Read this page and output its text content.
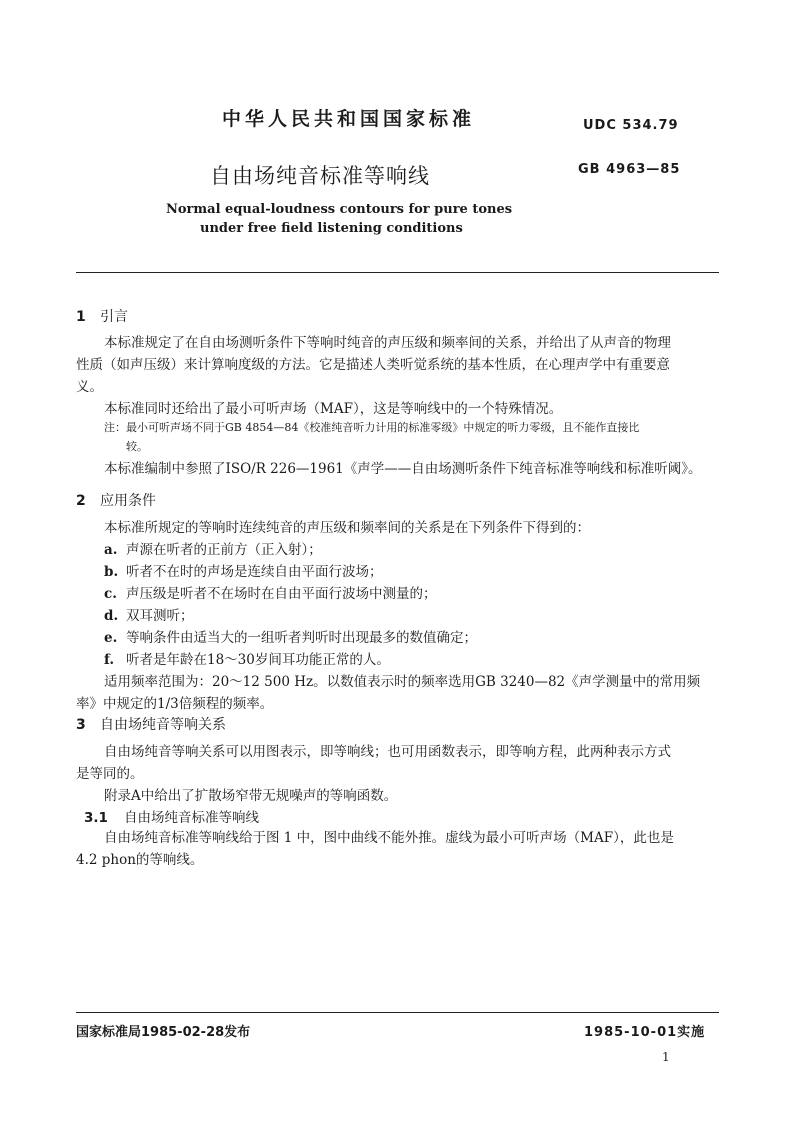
中华人民共和国国家标准	UDC 534.79
自由场纯音标准等响线	GB 4963—85
Normal equal-loudness contours for pure tones
under free field listening conditions
1 引言
本标准规定了在自由场测听条件下等响时纯音的声压级和频率间的关系，并给出了从声音的物理
性质（如声压级）来计算响度级的方法。它是描述人类听觉系统的基本性质，在心理声学中有重要意
义。
本标准同时还给出了最小可听声场（MAF），这是等响线中的一个特殊情况。
注：最小可听声场不同于GB 4854—84《校准纯音听力计用的标准零级》中规定的听力零级，且不能作直接比
较。
本标准编制中参照了ISO/R 226—1961《声学——自由场测听条件下纯音标准等响线和标准听阈》。
2 应用条件
本标准所规定的等响时连续纯音的声压级和频率间的关系是在下列条件下得到的：
a. 声源在听者的正前方（正入射）；
b. 听者不在时的声场是连续自由平面行波场；
c. 声压级是听者不在场时在自由平面行波场中测量的；
d. 双耳测听；
e. 等响条件由适当大的一组听者判听时出现最多的数值确定；
f. 听者是年龄在18～30岁间耳功能正常的人。
适用频率范围为：20～12 500 Hz。以数值表示时的频率选用GB 3240—82《声学测量中的常用频
率》中规定的1/3倍频程的频率。
3 自由场纯音等响关系
自由场纯音等响关系可以用图表示，即等响线；也可用函数表示，即等响方程，此两种表示方式
是等同的。
附录A中给出了扩散场窄带无规噪声的等响函数。
3.1 自由场纯音标准等响线
自由场纯音标准等响线给于图 1 中，图中曲线不能外推。虚线为最小可听声场（MAF），此也是
4.2 phon的等响线。
国家标准局1985-02-28发布	1985-10-01实施
1
